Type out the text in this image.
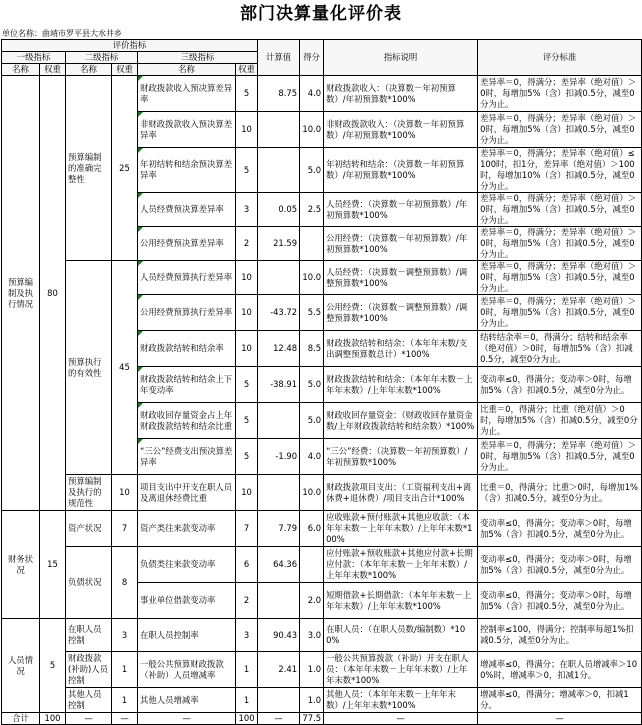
部门决算量化评价表
单位名称：曲靖市罗平县大水井乡
评价指标						计算值	得分	指标说明	评分标准
一级指标		二级指标		三级指标					
名称	权重	名称	权重	名称	权重				
预算编制及执行情况	80	预算编制的准确完整性	25	财政拨款收入预决算差异率	5	8.75	4.0	财政拨款收入：（决算数－年初预算数）/年初预算数*100%	差异率＝0，得满分；差异率（绝对值）＞0时，每增加5%（含）扣减0.5分，减至0分为止。
				非财政拨款收入预决算差异率	10		10.0	非财政拨款收入：（决算数－年初预算数）/年初预算数*100%	差异率＝0，得满分；差异率（绝对值）＞0时，每增加5%（含）扣减0.5分，减至0分为止。
				年初结转和结余预决算差异率	5		5.0	年初结转和结余：（决算数－年初预算数）/年初预算数*100%	差异率＝0，得满分；差异率（绝对值）≤100时，扣1分，差异率（绝对值）＞100时，每增加10%（含）扣减0.5分，减至0分为止。
				人员经费预决算差异率	3	0.05	2.5	人员经费：（决算数－年初预算数）/年初预算数*100%	差异率＝0，得满分；差异率（绝对值）＞0时，每增加5%（含）扣减0.5分，减至0分为止。
				公用经费预决算差异率	2	21.59		公用经费：（决算数－年初预算数）/年初预算数*100%	差异率＝0，得满分；差异率（绝对值）＞0时，每增加5%（含）扣减0.5分，减至0分为止。
		预算执行的有效性	45	人员经费预算执行差异率	10		10.0	人员经费：（决算数－调整预算数）/调整预算数*100%	差异率＝0，得满分；差异率（绝对值）＞0时，每增加5%（含）扣减0.5分，减至0分为止。
				公用经费预算执行差异率	10	-43.72	5.5	公用经费：（决算数－调整预算数）/调整预算数*100%	差异率＝0，得满分；差异率（绝对值）＞0时，每增加5%（含）扣减0.5分，减至0分为止。
				财政拨款结转和结余率	10	12.48	8.5	财政拨款结转和结余：（本年年末数/支出调整预算数总计）*100%	结转结余率＝0，得满分；结转和结余率（绝对值）＞0时，每增加5%（含）扣减0.5分，减至0分为止。
				财政拨款结转和结余上下年变动率	5	-38.91	5.0	财政拨款结转和结余：（本年年末数－上年年末数）/上年年末数*100%	变动率≤0，得满分；变动率＞0时，每增加5%（含）扣减0.5分，减至0分为止。
				财政收回存量资金占上年财政拨款结转和结余比重	5		5.0	财政收回存量资金：（财政收回存量资金数/上年财政拨款结转和结余数）*100%	比重＝0，得满分；比重（绝对值）＞0时，每增加5%（含）扣减0.5分，减至0分为止。
				“三公”经费支出预决算差异率	5	-1.90	4.0	“三公”经费：（决算数－年初预算数）/年初预算数*100%	差异率＝0，得满分；差异率（绝对值）＞0时，每增加5%（含）扣减0.5分，减至0分为止。
		预算编制及执行的规范性	10	项目支出中开支在职人员及离退休经费比重	10		10.0	财政拨款项目支出：（工资福利支出+离休费+退休费）/项目支出合计*100%	比重＝0，得满分；比重＞0时，每增加1%（含）扣减0.5分，减至0分为止。
财务状况	15	资产状况	7	资产类往来款变动率	7	7.79	6.0	应收账款+预付账款+其他应收款：（本年年末数－上年年末数）/上年年末数*100%	变动率≤0，得满分；变动率＞0时，每增加5%（含）扣减0.5分，减至0分为止。
		负债状况	8	负债类往来款变动率	6	64.36		应付账款+预收账款+其他应付款+长期应付款：（本年年末数－上年年末数）/上年年末数*100%	变动率≤0，得满分；变动率＞0时，每增加5%（含）扣减0.5分，减至0分为止。
				事业单位借款变动率	2		2.0	短期借款+长期借款：（本年年末数－上年年末数）/上年年末数*100%	变动率≤0，得满分；变动率＞0时，每增加5%（含）扣减0.5分，减至0分为止。
人员情况	5	在职人员控制	3	在职人员控制率	3	90.43	3.0	在职人员：（在职人员数/编制数）*100%	控制率≤100，得满分；控制率每超1%扣减0.5分，减至0分为止。
		财政拨款(补助)人员控制	1	一般公共预算财政拨款（补助）人员增减率	1	2.41	1.0	一般公共预算拨款（补助）开支在职人员：（本年年末数－上年年末数）/上年年末数*100%	增减率≤0，得满分；在职人员增减率＞100%时，增减率＞0，扣减1分。
		其他人员控制	1	其他人员增减率	1		1.0	其他人员：（本年年末数－上年年末数）/上年年末数*100%	增减率≤0，得满分；增减率＞0，扣减1分。
合计	100	—	—	—	100	—	77.5	—	—
